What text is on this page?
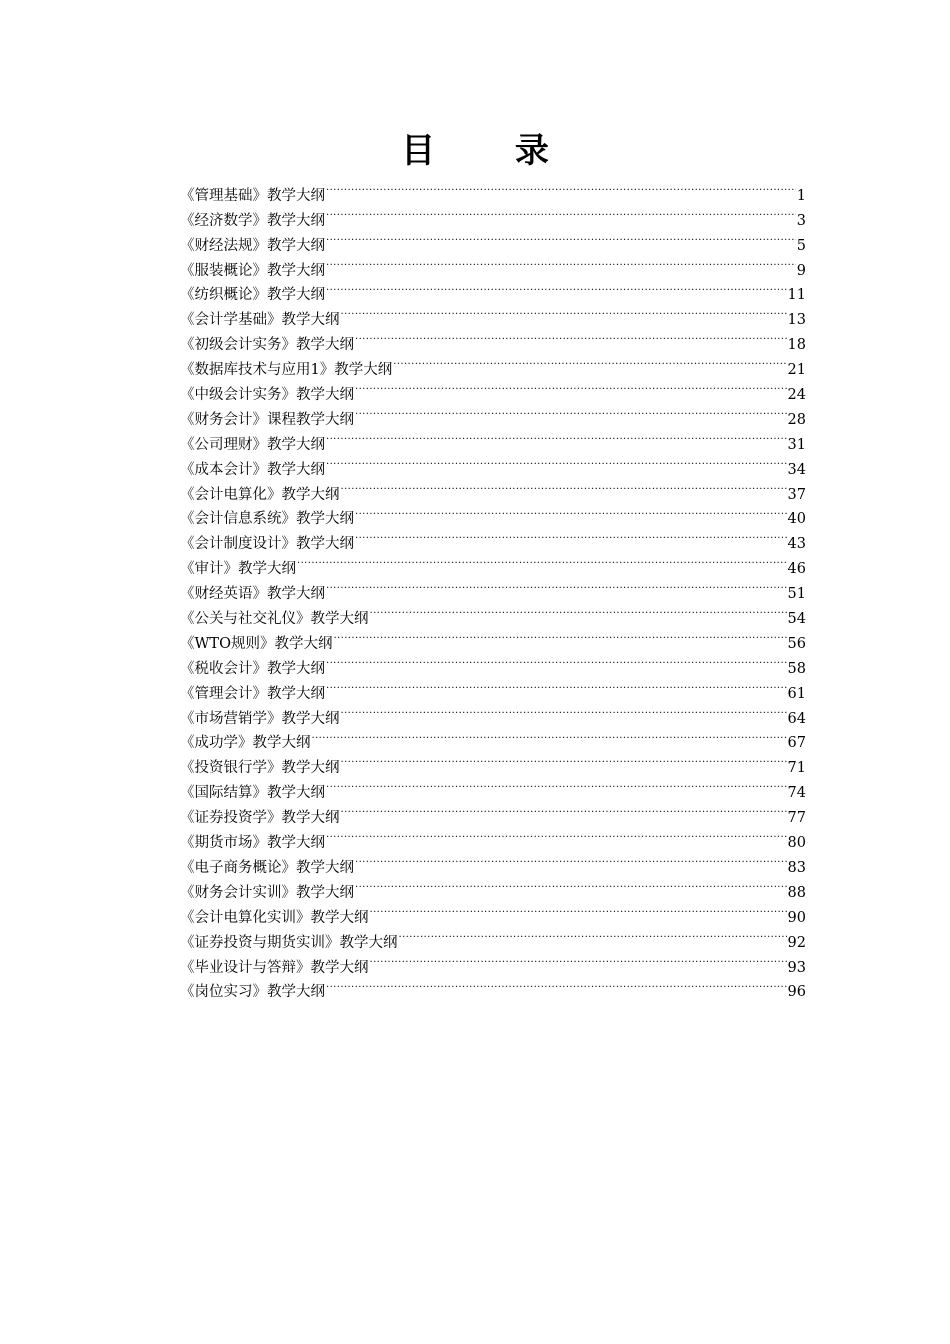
目 录
《管理基础》教学大纲 .....	1
《经济数学》教学大纲 .....	3
《财经法规》教学大纲 .....	5
《服装概论》教学大纲 .....	9
《纺织概论》教学大纲 .....	11
《会计学基础》教学大纲 .....	13
《初级会计实务》教学大纲 .....	18
《数据库技术与应用1》教学大纲 .....	21
《中级会计实务》教学大纲 .....	24
《财务会计》课程教学大纲 .....	28
《公司理财》教学大纲 .....	31
《成本会计》教学大纲 .....	34
《会计电算化》教学大纲 .....	37
《会计信息系统》教学大纲 .....	40
《会计制度设计》教学大纲 .....	43
《审计》教学大纲 .....	46
《财经英语》教学大纲 .....	51
《公关与社交礼仪》教学大纲 .....	54
《WTO规则》教学大纲 .....	56
《税收会计》教学大纲 .....	58
《管理会计》教学大纲 .....	61
《市场营销学》教学大纲 .....	64
《成功学》教学大纲 .....	67
《投资银行学》教学大纲 .....	71
《国际结算》教学大纲 .....	74
《证券投资学》教学大纲 .....	77
《期货市场》教学大纲 .....	80
《电子商务概论》教学大纲 .....	83
《财务会计实训》教学大纲 .....	88
《会计电算化实训》教学大纲 .....	90
《证券投资与期货实训》教学大纲 .....	92
《毕业设计与答辩》教学大纲 .....	93
《岗位实习》教学大纲 .....	96
